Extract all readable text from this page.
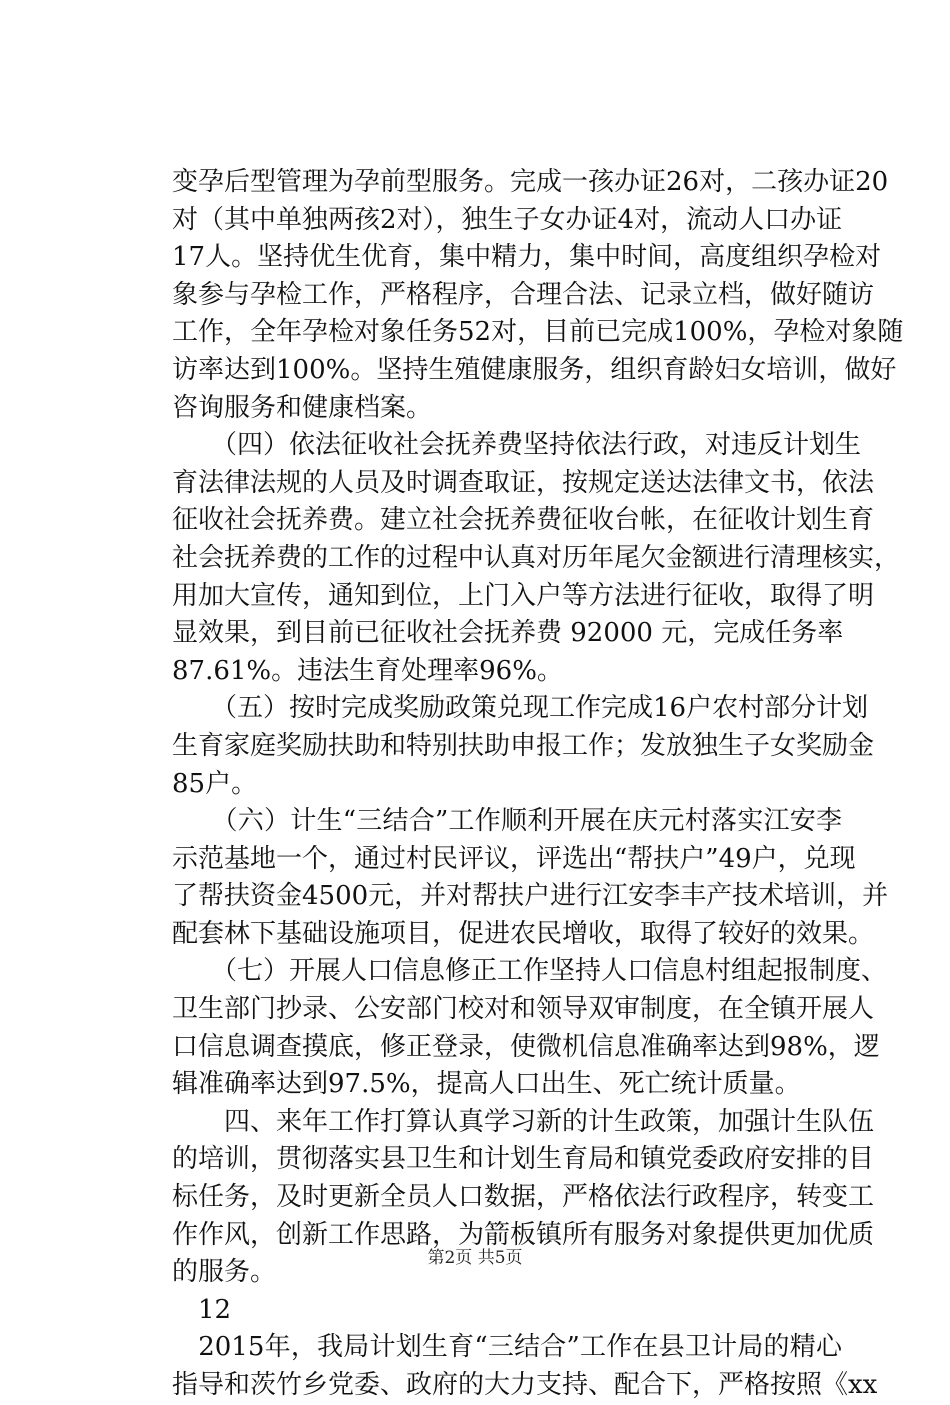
变孕后型管理为孕前型服务。完成一孩办证26对，二孩办证20
对（其中单独两孩2对），独生子女办证4对，流动人口办证
17人。坚持优生优育，集中精力，集中时间，高度组织孕检对
象参与孕检工作，严格程序，合理合法、记录立档，做好随访
工作，全年孕检对象任务52对，目前已完成100%，孕检对象随
访率达到100%。坚持生殖健康服务，组织育龄妇女培训，做好
咨询服务和健康档案。
　　（四）依法征收社会抚养费坚持依法行政，对违反计划生
育法律法规的人员及时调查取证，按规定送达法律文书，依法
征收社会抚养费。建立社会抚养费征收台帐，在征收计划生育
社会抚养费的工作的过程中认真对历年尾欠金额进行清理核实，
用加大宣传，通知到位，上门入户等方法进行征收，取得了明
显效果，到目前已征收社会抚养费 92000 元，完成任务率
87.61%。违法生育处理率96%。
　　（五）按时完成奖励政策兑现工作完成16户农村部分计划
生育家庭奖励扶助和特别扶助申报工作；发放独生子女奖励金
85户。
　　（六）计生“三结合”工作顺利开展在庆元村落实江安李
示范基地一个，通过村民评议，评选出“帮扶户”49户，兑现
了帮扶资金4500元，并对帮扶户进行江安李丰产技术培训，并
配套林下基础设施项目，促进农民增收，取得了较好的效果。
　　（七）开展人口信息修正工作坚持人口信息村组起报制度、
卫生部门抄录、公安部门校对和领导双审制度，在全镇开展人
口信息调查摸底，修正登录，使微机信息准确率达到98%，逻
辑准确率达到97.5%，提高人口出生、死亡统计质量。
　　四、来年工作打算认真学习新的计生政策，加强计生队伍
的培训，贯彻落实县卫生和计划生育局和镇党委政府安排的目
标任务，及时更新全员人口数据，严格依法行政程序，转变工
作作风，创新工作思路，为箭板镇所有服务对象提供更加优质
的服务。
　12
　2015年，我局计划生育“三结合”工作在县卫计局的精心
指导和茨竹乡党委、政府的大力支持、配合下，严格按照《xx
第2页 共5页
